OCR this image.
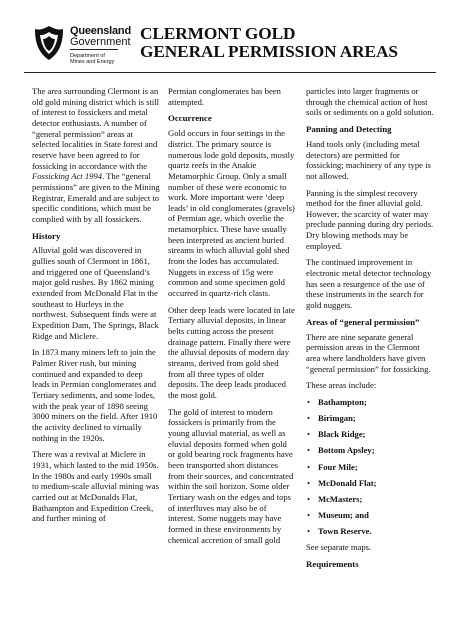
Queensland
Government
Department of
Mines and Energy
CLERMONT GOLD
GENERAL PERMISSION AREAS

The area surrounding Clermont is an old gold mining district which is still of interest to fossickers and metal detector enthusiasts. A number of “general permission” areas at selected localities in State forest and reserve have been agreed to for fossicking in accordance with the Fossicking Act 1994. The “general permissions” are given to the Mining Registrar, Emerald and are subject to specific conditions, which must be complied with by all fossickers.

History

Alluvial gold was discovered in gullies south of Clermont in 1861, and triggered one of Queensland’s major gold rushes. By 1862 mining extended from McDonald Flat in the southeast to Hurleys in the northwest. Subsequent finds were at Expedition Dam, The Springs, Black Ridge and Miclere.

In 1873 many miners left to join the Palmer River rush, but mining continued and expanded to deep leads in Permian conglomerates and Tertiary sediments, and some lodes, with the peak year of 1898 seeing 3000 miners on the field. After 1910 the activity declined to virtually nothing in the 1920s.

There was a revival at Miclere in 1931, which lasted to the mid 1950s. In the 1980s and early 1990s small to medium-scale alluvial mining was carried out at McDonalds Flat, Bathampton and Expedition Creek, and further mining of

Permian conglomerates has been attempted.

Occurrence

Gold occurs in four settings in the district. The primary source is numerous lode gold deposits, mostly quartz reefs in the Anakie Metamorphic Group. Only a small number of these were economic to work. More important were ‘deep leads’ in old conglomerates (gravels) of Permian age, which overlie the metamorphics. These have usually been interpreted as ancient buried streams in which alluvial gold shed from the lodes has accumulated. Nuggets in excess of 15g were common and some specimen gold occurred in quartz-rich clasts.

Other deep leads were located in late Tertiary alluvial deposits, in linear belts cutting across the present drainage pattern. Finally there were the alluvial deposits of modern day streams, derived from gold shed from all three types of older deposits. The deep leads produced the most gold.

The gold of interest to modern fossickers is primarily from the young alluvial material, as well as eluvial deposits formed when gold or gold bearing rock fragments have been transported short distances from their sources, and concentrated within the soil horizon. Some older Tertiary wash on the edges and tops of interfluves may also be of interest. Some nuggets may have formed in these environments by chemical accretion of small gold

particles into larger fragments or through the chemical action of host soils or sediments on a gold solution.

Panning and Detecting

Hand tools only (including metal detectors) are permitted for fossicking; machinery of any type is not allowed.

Panning is the simplest recovery method for the finer alluvial gold. However, the scarcity of water may preclude panning during dry periods. Dry blowing methods may be employed.

The continued improvement in electronic metal detector technology has seen a resurgence of the use of these instruments in the search for gold nuggets.

Areas of “general permission”

There are nine separate general permission areas in the Clermont area where landholders have given “general permission” for fossicking.

These areas include:

• Bathampton;
• Birimgan;
• Black Ridge;
• Bottom Apsley;
• Four Mile;
• McDonald Flat;
• McMasters;
• Museum; and
• Town Reserve.

See separate maps.

Requirements
